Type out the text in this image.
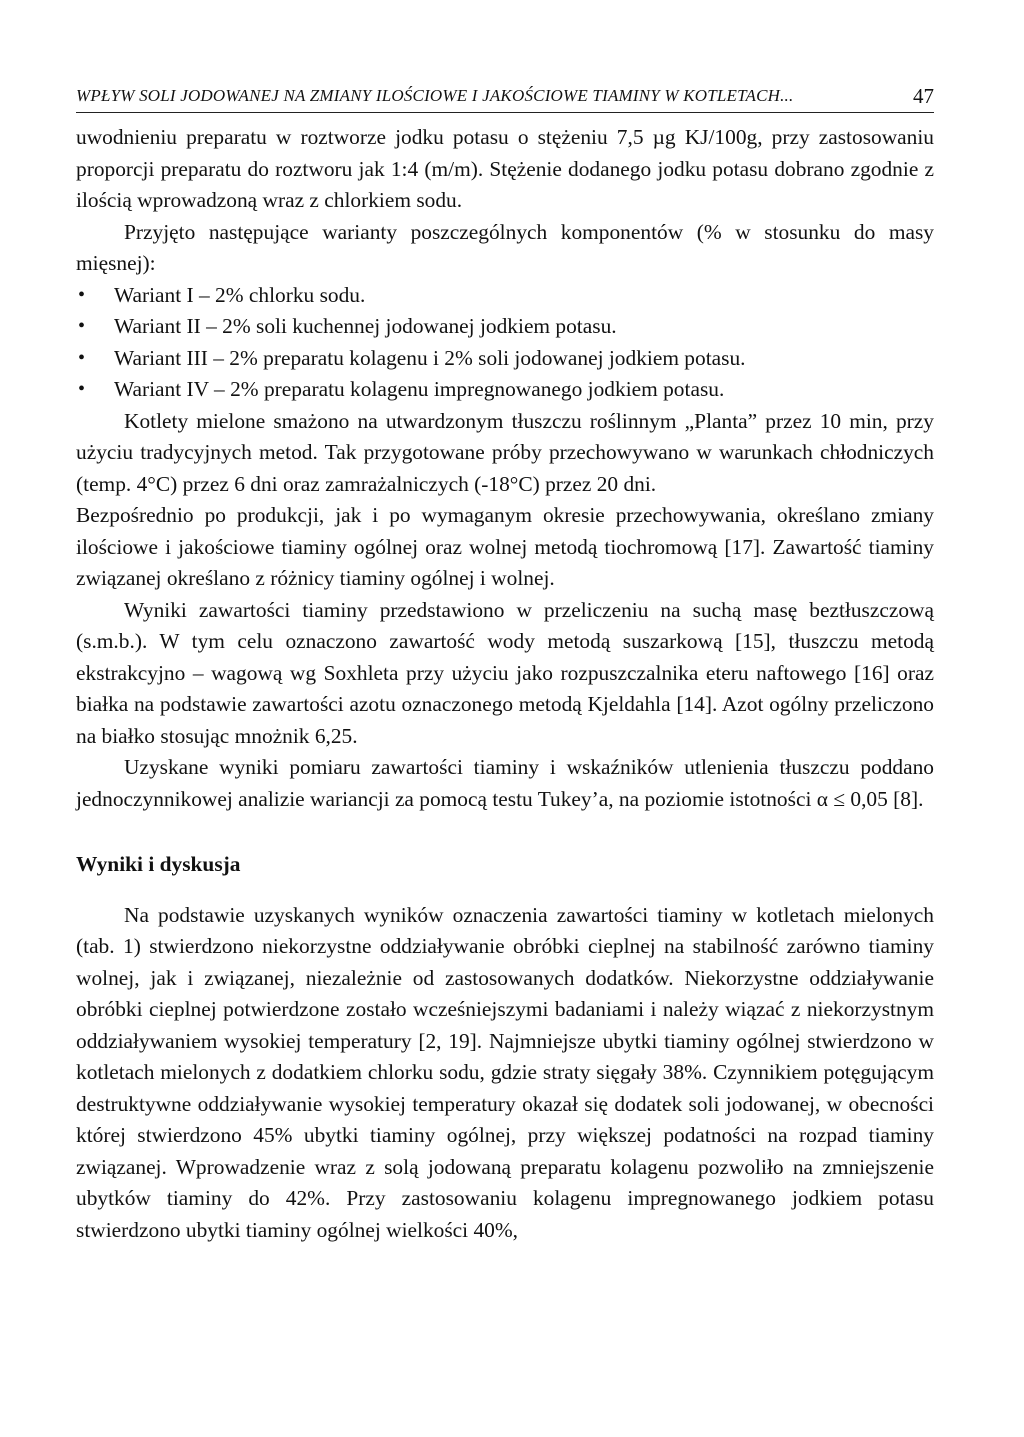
WPŁYW SOLI JODOWANEJ NA ZMIANY ILOŚCIOWE I JAKOŚCIOWE TIAMINY W KOTLETACH...	47

uwodnieniu preparatu w roztworze jodku potasu o stężeniu 7,5 µg KJ/100g, przy zastosowaniu proporcji preparatu do roztworu jak 1:4 (m/m). Stężenie dodanego jodku potasu dobrano zgodnie z ilością wprowadzoną wraz z chlorkiem sodu.

Przyjęto następujące warianty poszczególnych komponentów (% w stosunku do masy mięsnej):

• Wariant I – 2% chlorku sodu.
• Wariant II – 2% soli kuchennej jodowanej jodkiem potasu.
• Wariant III – 2% preparatu kolagenu i 2% soli jodowanej jodkiem potasu.
• Wariant IV – 2% preparatu kolagenu impregnowanego jodkiem potasu.

Kotlety mielone smażono na utwardzonym tłuszczu roślinnym „Planta” przez 10 min, przy użyciu tradycyjnych metod. Tak przygotowane próby przechowywano w warunkach chłodniczych (temp. 4°C) przez 6 dni oraz zamrażalniczych (-18°C) przez 20 dni.

Bezpośrednio po produkcji, jak i po wymaganym okresie przechowywania, określano zmiany ilościowe i jakościowe tiaminy ogólnej oraz wolnej metodą tiochromową [17]. Zawartość tiaminy związanej określano z różnicy tiaminy ogólnej i wolnej.

Wyniki zawartości tiaminy przedstawiono w przeliczeniu na suchą masę beztłuszczową (s.m.b.). W tym celu oznaczono zawartość wody metodą suszarkową [15], tłuszczu metodą ekstrakcyjno – wagową wg Soxhleta przy użyciu jako rozpuszczalnika eteru naftowego [16] oraz białka na podstawie zawartości azotu oznaczonego metodą Kjeldahla [14]. Azot ogólny przeliczono na białko stosując mnożnik 6,25.

Uzyskane wyniki pomiaru zawartości tiaminy i wskaźników utlenienia tłuszczu poddano jednoczynnikowej analizie wariancji za pomocą testu Tukey’a, na poziomie istotności α ≤ 0,05 [8].

Wyniki i dyskusja

Na podstawie uzyskanych wyników oznaczenia zawartości tiaminy w kotletach mielonych (tab. 1) stwierdzono niekorzystne oddziaływanie obróbki cieplnej na stabilność zarówno tiaminy wolnej, jak i związanej, niezależnie od zastosowanych dodatków. Niekorzystne oddziaływanie obróbki cieplnej potwierdzone zostało wcześniejszymi badaniami i należy wiązać z niekorzystnym oddziaływaniem wysokiej temperatury [2, 19]. Najmniejsze ubytki tiaminy ogólnej stwierdzono w kotletach mielonych z dodatkiem chlorku sodu, gdzie straty sięgały 38%. Czynnikiem potęgującym destruktywne oddziaływanie wysokiej temperatury okazał się dodatek soli jodowanej, w obecności której stwierdzono 45% ubytki tiaminy ogólnej, przy większej podatności na rozpad tiaminy związanej. Wprowadzenie wraz z solą jodowaną preparatu kolagenu pozwoliło na zmniejszenie ubytków tiaminy do 42%. Przy zastosowaniu kolagenu impregnowanego jodkiem potasu stwierdzono ubytki tiaminy ogólnej wielkości 40%,
